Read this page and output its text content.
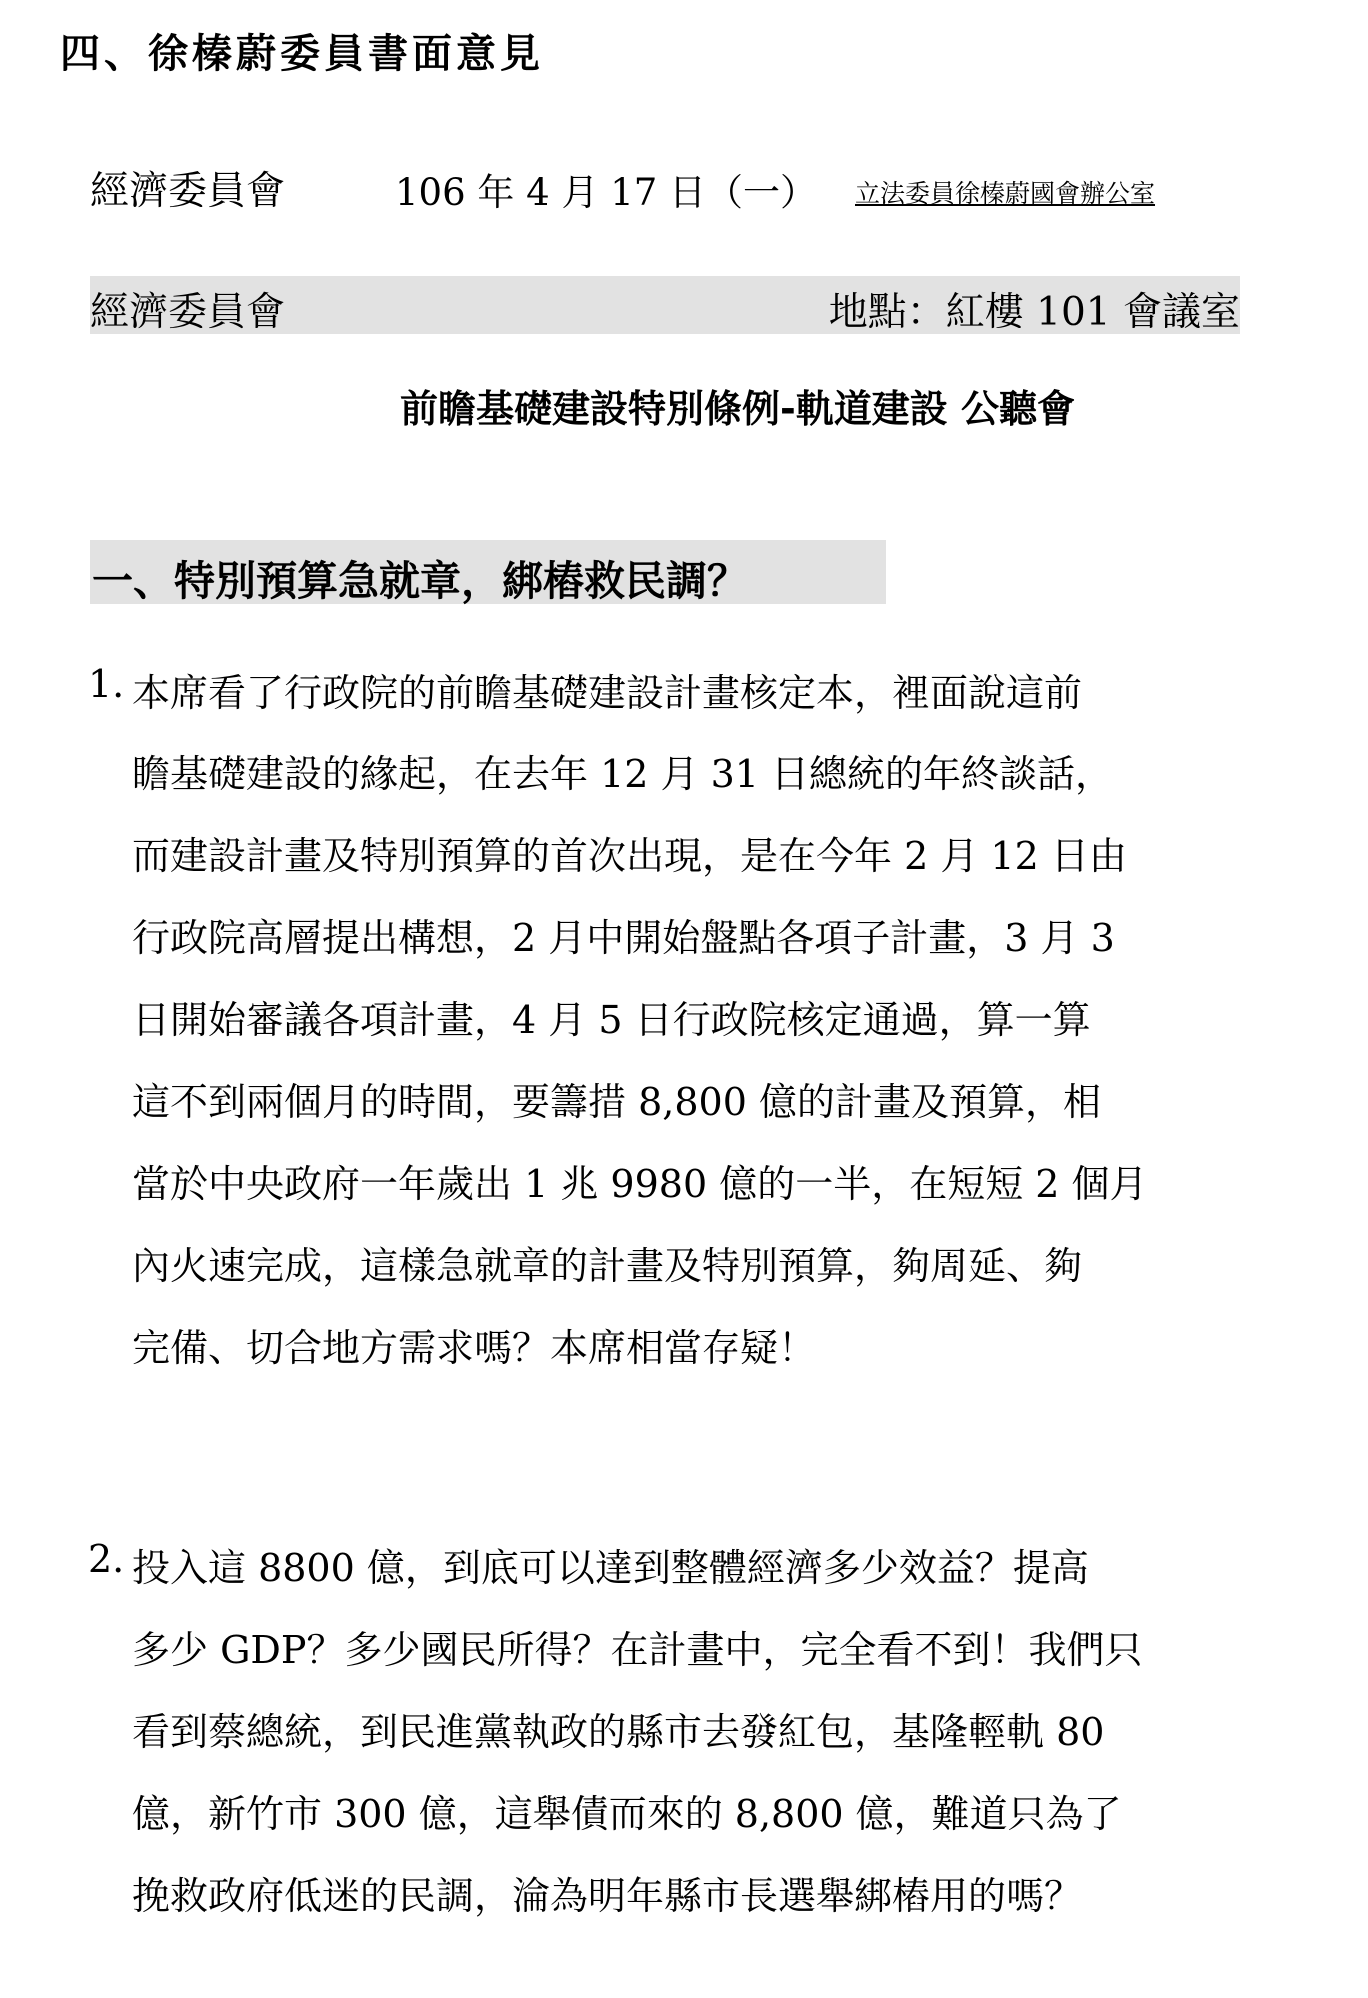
四、徐榛蔚委員書面意見
經濟委員會	106 年 4 月 17 日（一） 立法委員徐榛蔚國會辦公室
經濟委員會	地點：紅樓 101 會議室
前瞻基礎建設特別條例-軌道建設 公聽會
一、特別預算急就章，綁樁救民調？
1. 本席看了行政院的前瞻基礎建設計畫核定本，裡面說這前
瞻基礎建設的緣起，在去年 12 月 31 日總統的年終談話，
而建設計畫及特別預算的首次出現，是在今年 2 月 12 日由
行政院高層提出構想，2 月中開始盤點各項子計畫，3 月 3
日開始審議各項計畫，4 月 5 日行政院核定通過，算一算
這不到兩個月的時間，要籌措 8,800 億的計畫及預算，相
當於中央政府一年歲出 1 兆 9980 億的一半，在短短 2 個月
內火速完成，這樣急就章的計畫及特別預算，夠周延、夠
完備、切合地方需求嗎？本席相當存疑！
2. 投入這 8800 億，到底可以達到整體經濟多少效益？提高
多少 GDP？多少國民所得？在計畫中，完全看不到！我們只
看到蔡總統，到民進黨執政的縣市去發紅包，基隆輕軌 80
億，新竹市 300 億，這舉債而來的 8,800 億，難道只為了
挽救政府低迷的民調，淪為明年縣市長選舉綁樁用的嗎？
